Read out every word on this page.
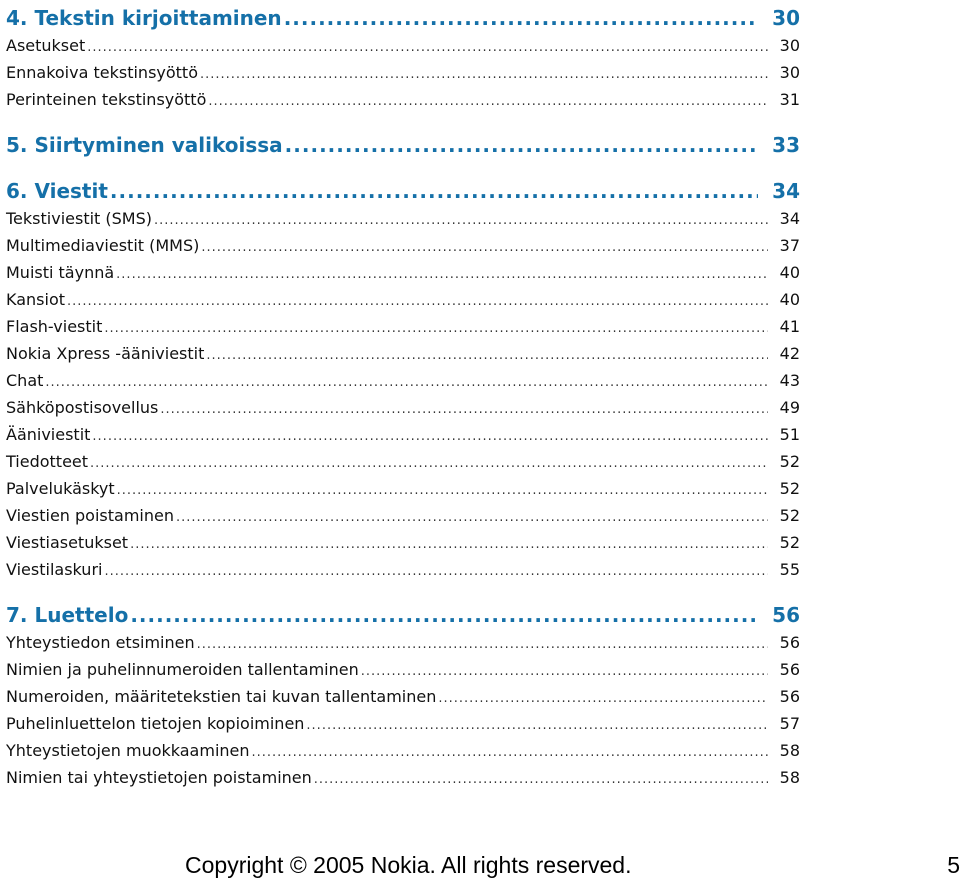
4. Tekstin kirjoittaminen .....	30
Asetukset .....	30
Ennakoiva tekstinsyöttö .....	30
Perinteinen tekstinsyöttö .....	31
5. Siirtyminen valikoissa .....	33
6. Viestit .....	34
Tekstiviestit (SMS) .....	34
Multimediaviestit (MMS) .....	37
Muisti täynnä .....	40
Kansiot .....	40
Flash-viestit .....	41
Nokia Xpress -ääniviestit .....	42
Chat .....	43
Sähköpostisovellus .....	49
Ääniviestit .....	51
Tiedotteet .....	52
Palvelukäskyt .....	52
Viestien poistaminen .....	52
Viestiasetukset .....	52
Viestilaskuri .....	55
7. Luettelo .....	56
Yhteystiedon etsiminen .....	56
Nimien ja puhelinnumeroiden tallentaminen .....	56
Numeroiden, määritetekstien tai kuvan tallentaminen .....	56
Puhelinluettelon tietojen kopioiminen .....	57
Yhteystietojen muokkaaminen .....	58
Nimien tai yhteystietojen poistaminen .....	58
Copyright © 2005 Nokia. All rights reserved.	5
